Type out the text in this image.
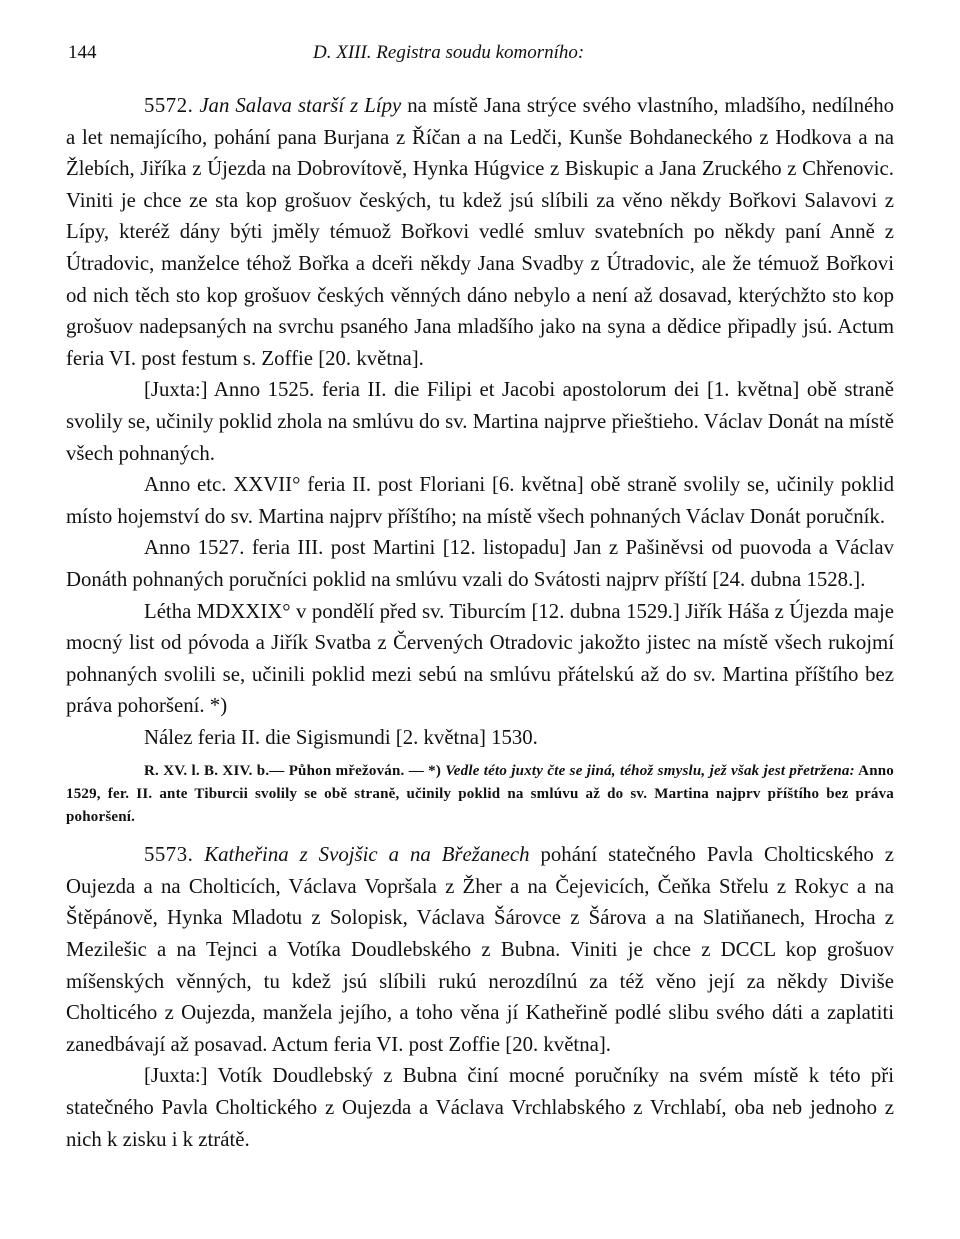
144	D. XIII. Registra soudu komorního:

5572. Jan Salava starší z Lípy na místě Jana strýce svého vlastního, mladšího, nedílného a let nemajícího, pohání pana Burjana z Říčan a na Ledči, Kunše Bohdaneckého z Hodkova a na Žlebích, Jiříka z Újezda na Dobrovítově, Hynka Húgvice z Biskupic a Jana Zruckého z Chřenovic. Viniti je chce ze sta kop grošuov českých, tu kdež jsú slíbili za věno někdy Bořkovi Salavovi z Lípy, kteréž dány býti jměly témuož Bořkovi vedlé smluv svatebních po někdy paní Anně z Útradovic, manželce téhož Bořka a dceři někdy Jana Svadby z Útradovic, ale že témuož Bořkovi od nich těch sto kop grošuov českých věnných dáno nebylo a není až dosavad, kterýchžto sto kop grošuov nadepsaných na svrchu psaného Jana mladšího jako na syna a dědice připadly jsú. Actum feria VI. post festum s. Zoffie [20. května].

[Juxta:] Anno 1525. feria II. die Filipi et Jacobi apostolorum dei [1. května] obě straně svolily se, učinily poklid zhola na smlúvu do sv. Martina najprve přieštieho. Václav Donát na místě všech pohnaných.

Anno etc. XXVII° feria II. post Floriani [6. května] obě straně svolily se, učinily poklid místo hojemství do sv. Martina najprv příštího; na místě všech pohnaných Václav Donát poručník.

Anno 1527. feria III. post Martini [12. listopadu] Jan z Pašiněvsi od puovoda a Václav Donáth pohnaných poručníci poklid na smlúvu vzali do Svátosti najprv příští [24. dubna 1528.].

Létha MDXXIX° v pondělí před sv. Tiburcím [12. dubna 1529.] Jiřík Háša z Újezda maje mocný list od póvoda a Jiřík Svatba z Červených Otradovic jakožto jistec na místě všech rukojmí pohnaných svolili se, učinili poklid mezi sebú na smlúvu přátelskú až do sv. Martina příštího bez práva pohoršení. *)

Nález feria II. die Sigismundi [2. května] 1530.

R. XV. l. B. XIV. b.— Půhon mřežován. — *) Vedle této juxty čte se jiná, téhož smyslu, jež však jest přetržena: Anno 1529, fer. II. ante Tiburcii svolily se obě straně, učinily poklid na smlúvu až do sv. Martina najprv příštího bez práva pohoršení.

5573. Katheřina z Svojšic a na Břežanech pohání statečného Pavla Cholticského z Oujezda a na Cholticích, Václava Vopršala z Žher a na Čejevicích, Čeňka Střelu z Rokyc a na Štěpánově, Hynka Mladotu z Solopisk, Václava Šárovce z Šárova a na Slatiňanech, Hrocha z Mezilešic a na Tejnci a Votíka Doudlebského z Bubna. Viniti je chce z DCCL kop grošuov míšenských věnných, tu kdež jsú slíbili rukú nerozdílnú za též věno její za někdy Diviše Cholticého z Oujezda, manžela jejího, a toho věna jí Katheřině podlé slibu svého dáti a zaplatiti zanedbávají až posavad. Actum feria VI. post Zoffie [20. května].

[Juxta:] Votík Doudlebský z Bubna činí mocné poručníky na svém místě k této při statečného Pavla Choltického z Oujezda a Václava Vrchlabského z Vrchlabí, oba neb jednoho z nich k zisku i k ztrátě.
